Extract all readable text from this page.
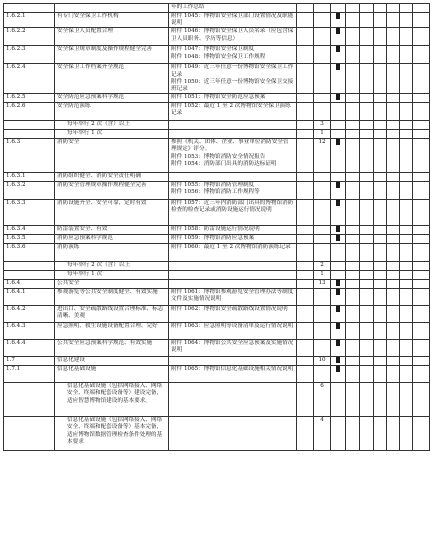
		年的工作总结									
1.6.2.1	有专门安全保卫工作机构	附件 1045：博物馆安全保卫部门设置情况及职能说明									
1.6.2.2	安全保卫人员配置合理	附件 1046：博物馆安全保卫人员名录（应包含保卫人员职务、学历等信息）									
1.6.2.3	安全保卫规章制度及操作规程健全完善	附件 1047：博物馆安全保卫制度
附件 1048：博物馆安全保卫工作规程									
1.6.2.4	安全保卫工作档案齐全规范	附件 1049：近三年任意一份博物馆安全保卫工作记录
附件 1050：近三年任意一份博物馆安全保卫交接班记录									
1.6.2.5	安全防范应急预案科学规范	附件 1051：博物馆安全防范应急预案									
1.6.2.6	安全防范演练	附件 1052：最近 1 至 2 次博物馆安全保卫演练记录									
	每年举行 2 次（含）以上			3							
	每年举行 1 次			1							
1.6.3	消防安全	参照《机关、团体、企业、事业单位消防安全管理规定》评分。
附件 1053：博物馆消防安全情况报告
附件 1054：消防部门出具的消防达标证明		12							
1.6.3.1	消防组织健全、消防安全责任明确										
1.6.3.2	消防安全管理规章操作规程健全完善	附件 1055：博物馆消防管理制度
附件 1056：博物馆消防工作规程等									
1.6.3.3	消防设施齐全、安全可靠，定时有效	附件 1057：近三年内消防部门出具的博物馆消防检查的检查记录或消防设施运行情况说明									
1.6.3.4	防雷装置安全、有效	附件 1058：防雷设施运行情况说明									
1.6.3.5	消防应急预案科学规范	附件 1059：博物馆消防应急预案									
1.6.3.6	消防演练	附件 1060：最近 1 至 2 次博物馆消防演练记录									
	每年举行 2 次（含）以上			2							
	每年举行 1 次			1							
1.6.4	公共安全			13							
1.6.4.1	参观游览等公共安全制度健全、有效实施	附件 1061：博物馆参观游览安全管理办法等制度文件及实施情况说明									
1.6.4.2	进出口、安全疏散路线设置合理标准、标志清晰、美观	附件 1062：博物馆安全疏散路线设置情况说明									
1.6.4.3	应急照明、救生设施设备配置合理、完好	附件 1063：应急照明等设备清单及运行情况说明									
1.6.4.4	公共安全应急预案科学规范、有效实施	附件 1064：博物馆公共安全应急预案及实施情况说明									
1.7	信息化建设			10							
1.7.1	信息化基础设施	附件 1065：博物馆信息化基础设施相关情况说明									
	信息化基础设施（包括网络接入、网络安全、终端和配套设备等）建设完备，适应智慧博物馆建设的基本要求。			6							
	信息化基础设施（包括网络接入、网络安全、终端和配套设备等）基本完备，适应博物馆数据管理检查条件处理的基本要求			4							
